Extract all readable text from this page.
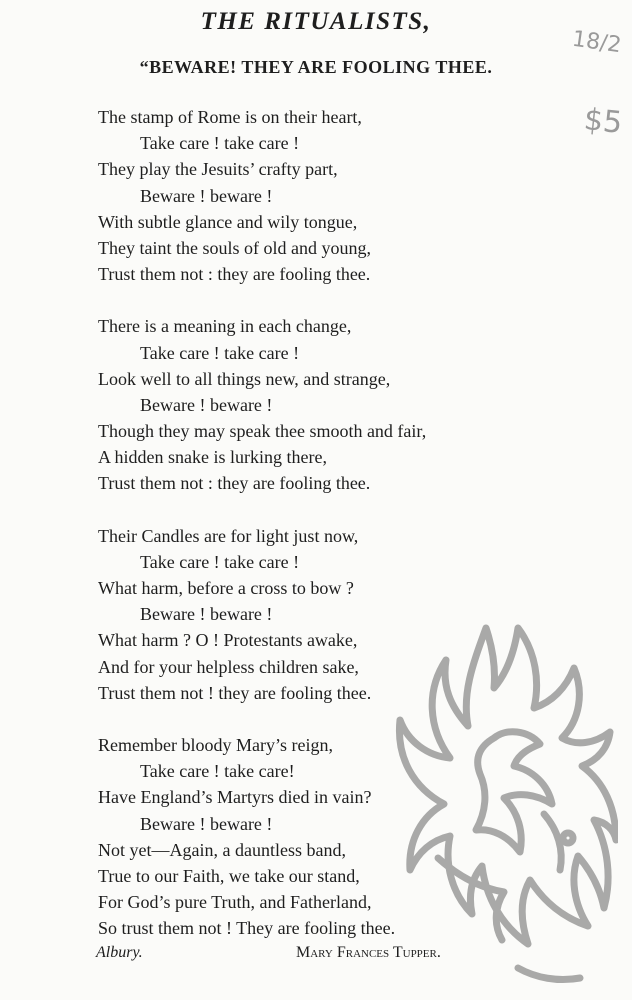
THE RITUALISTS,
“BEWARE! THEY ARE FOOLING THEE.
18/2
$5
The stamp of Rome is on their heart,
Take care ! take care !
They play the Jesuits’ crafty part,
Beware ! beware !
With subtle glance and wily tongue,
They taint the souls of old and young,
Trust them not : they are fooling thee.
There is a meaning in each change,
Take care ! take care !
Look well to all things new, and strange,
Beware ! beware !
Though they may speak thee smooth and fair,
A hidden snake is lurking there,
Trust them not : they are fooling thee.
Their Candles are for light just now,
Take care ! take care !
What harm, before a cross to bow ?
Beware ! beware !
What harm ? O ! Protestants awake,
And for your helpless children sake,
Trust them not ! they are fooling thee.
Remember bloody Mary’s reign,
Take care ! take care!
Have England’s Martyrs died in vain?
Beware ! beware !
Not yet—Again, a dauntless band,
True to our Faith, we take our stand,
For God’s pure Truth, and Fatherland,
So trust them not ! They are fooling thee.
Albury.	Mary Frances Tupper.
